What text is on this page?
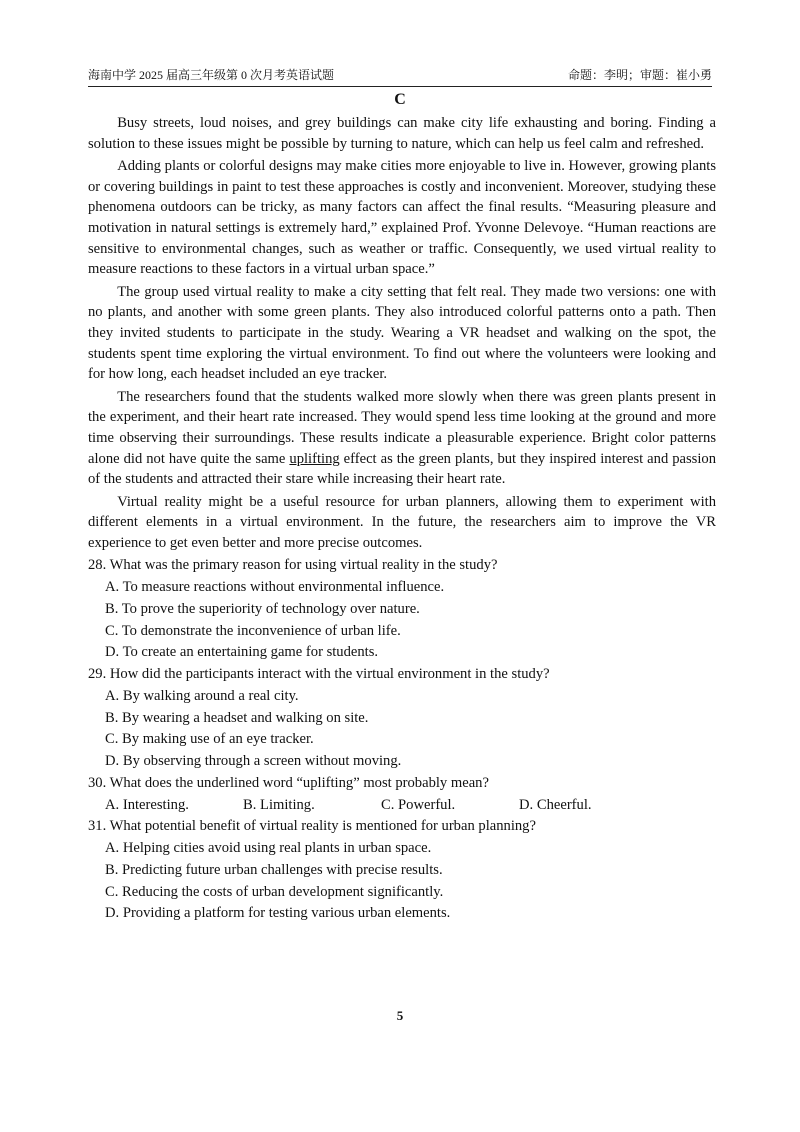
海南中学 2025 届高三年级第 0 次月考英语试题	命题：李明；审题：崔小勇
C

Busy streets, loud noises, and grey buildings can make city life exhausting and boring. Finding a solution to these issues might be possible by turning to nature, which can help us feel calm and refreshed.

Adding plants or colorful designs may make cities more enjoyable to live in. However, growing plants or covering buildings in paint to test these approaches is costly and inconvenient. Moreover, studying these phenomena outdoors can be tricky, as many factors can affect the final results. “Measuring pleasure and motivation in natural settings is extremely hard,” explained Prof. Yvonne Delevoye. “Human reactions are sensitive to environmental changes, such as weather or traffic. Consequently, we used virtual reality to measure reactions to these factors in a virtual urban space.”

The group used virtual reality to make a city setting that felt real. They made two versions: one with no plants, and another with some green plants. They also introduced colorful patterns onto a path. Then they invited students to participate in the study. Wearing a VR headset and walking on the spot, the students spent time exploring the virtual environment. To find out where the volunteers were looking and for how long, each headset included an eye tracker.

The researchers found that the students walked more slowly when there was green plants present in the experiment, and their heart rate increased. They would spend less time looking at the ground and more time observing their surroundings. These results indicate a pleasurable experience. Bright color patterns alone did not have quite the same uplifting effect as the green plants, but they inspired interest and passion of the students and attracted their stare while increasing their heart rate.

Virtual reality might be a useful resource for urban planners, allowing them to experiment with different elements in a virtual environment. In the future, the researchers aim to improve the VR experience to get even better and more precise outcomes.

28. What was the primary reason for using virtual reality in the study?

A. To measure reactions without environmental influence.

B. To prove the superiority of technology over nature.

C. To demonstrate the inconvenience of urban life.

D. To create an entertaining game for students.

29. How did the participants interact with the virtual environment in the study?

A. By walking around a real city.

B. By wearing a headset and walking on site.

C. By making use of an eye tracker.

D. By observing through a screen without moving.

30. What does the underlined word “uplifting” most probably mean?

A. Interesting.	B. Limiting.	C. Powerful.	D. Cheerful.

31. What potential benefit of virtual reality is mentioned for urban planning?

A. Helping cities avoid using real plants in urban space.

B. Predicting future urban challenges with precise results.

C. Reducing the costs of urban development significantly.

D. Providing a platform for testing various urban elements.

5
